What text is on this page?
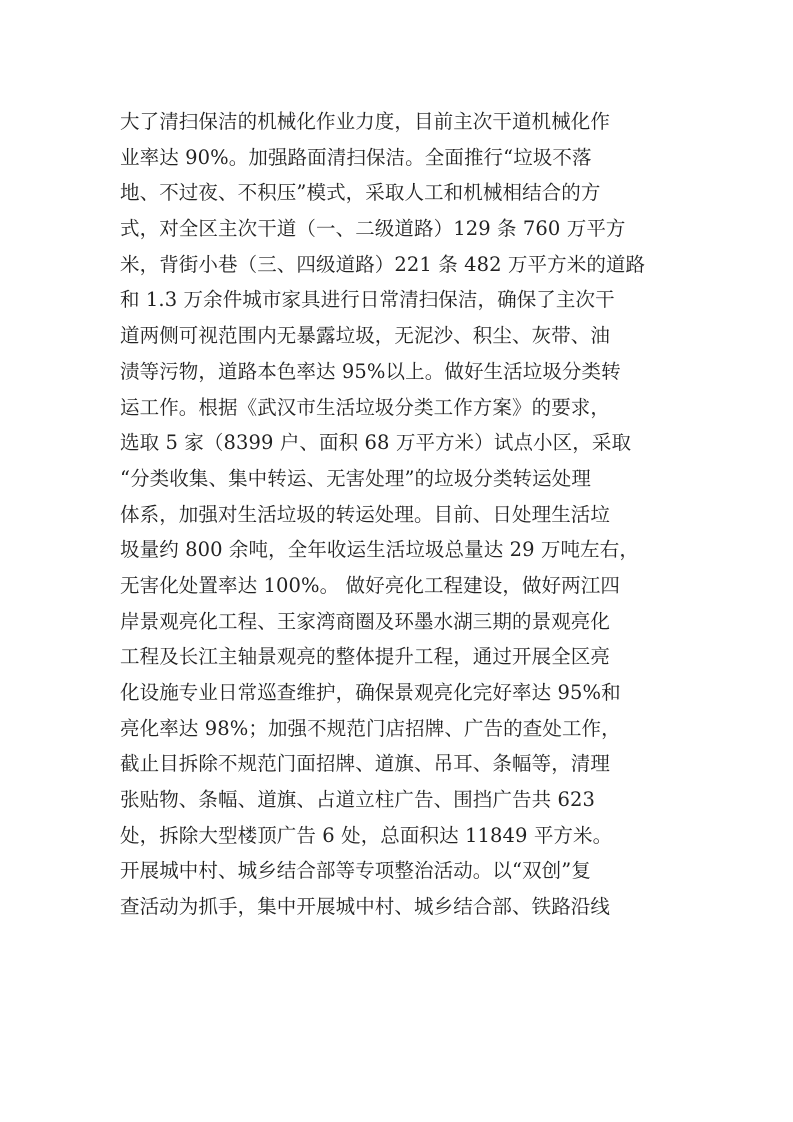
大了清扫保洁的机械化作业力度，目前主次干道机械化作
业率达 90%。加强路面清扫保洁。全面推行“垃圾不落
地、不过夜、不积压”模式，采取人工和机械相结合的方
式，对全区主次干道（一、二级道路）129 条 760 万平方
米，背街小巷（三、四级道路）221 条 482 万平方米的道路
和 1.3 万余件城市家具进行日常清扫保洁，确保了主次干
道两侧可视范围内无暴露垃圾，无泥沙、积尘、灰带、油
渍等污物，道路本色率达 95%以上。做好生活垃圾分类转
运工作。根据《武汉市生活垃圾分类工作方案》的要求，
选取 5 家（8399 户、面积 68 万平方米）试点小区，采取
“分类收集、集中转运、无害处理”的垃圾分类转运处理
体系，加强对生活垃圾的转运处理。目前、日处理生活垃
圾量约 800 余吨，全年收运生活垃圾总量达 29 万吨左右，
无害化处置率达 100%。 做好亮化工程建设，做好两江四
岸景观亮化工程、王家湾商圈及环墨水湖三期的景观亮化
工程及长江主轴景观亮的整体提升工程，通过开展全区亮
化设施专业日常巡查维护，确保景观亮化完好率达 95%和
亮化率达 98%；加强不规范门店招牌、广告的查处工作，
截止目拆除不规范门面招牌、道旗、吊耳、条幅等，清理
张贴物、条幅、道旗、占道立柱广告、围挡广告共 623
处，拆除大型楼顶广告 6 处，总面积达 11849 平方米。
开展城中村、城乡结合部等专项整治活动。以“双创”复
查活动为抓手，集中开展城中村、城乡结合部、铁路沿线
